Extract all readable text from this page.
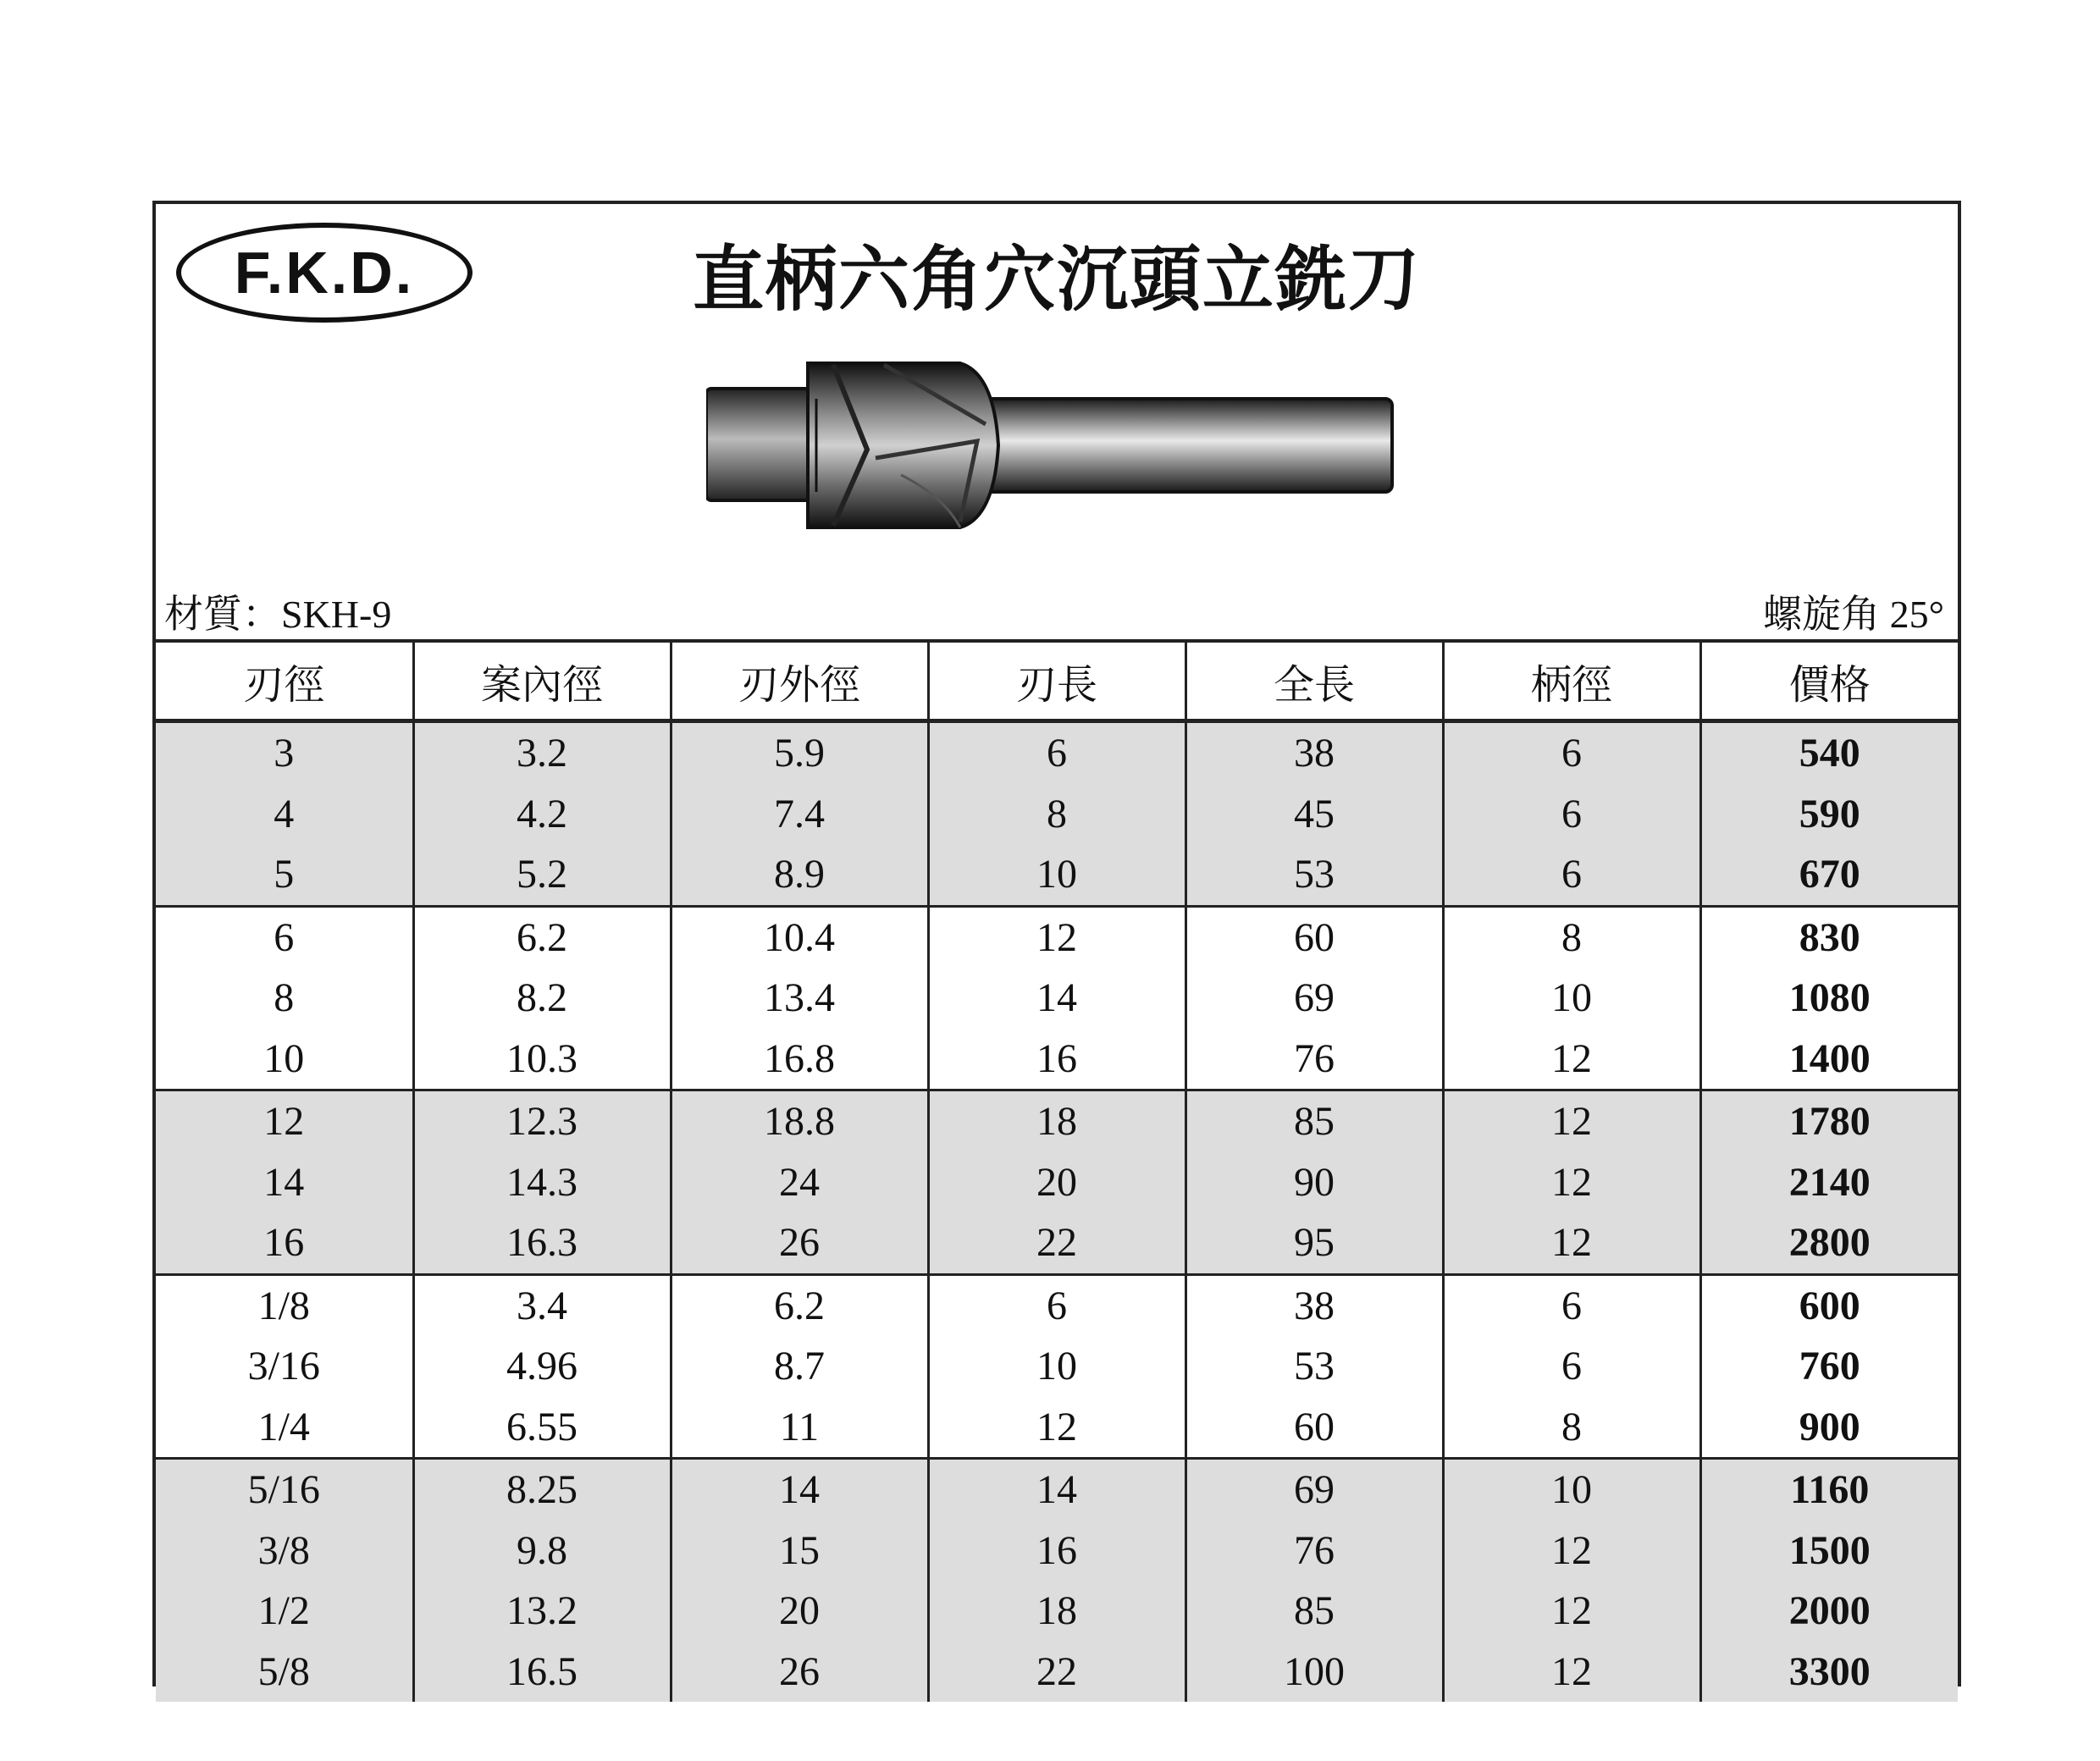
F.K.D.	直柄六角穴沉頭立銑刀
材質：SKH-9	螺旋角 25°
刃徑	案內徑	刃外徑	刃長	全長	柄徑	價格
3	3.2	5.9	6	38	6	540
4	4.2	7.4	8	45	6	590
5	5.2	8.9	10	53	6	670
6	6.2	10.4	12	60	8	830
8	8.2	13.4	14	69	10	1080
10	10.3	16.8	16	76	12	1400
12	12.3	18.8	18	85	12	1780
14	14.3	24	20	90	12	2140
16	16.3	26	22	95	12	2800
1/8	3.4	6.2	6	38	6	600
3/16	4.96	8.7	10	53	6	760
1/4	6.55	11	12	60	8	900
5/16	8.25	14	14	69	10	1160
3/8	9.8	15	16	76	12	1500
1/2	13.2	20	18	85	12	2000
5/8	16.5	26	22	100	12	3300
